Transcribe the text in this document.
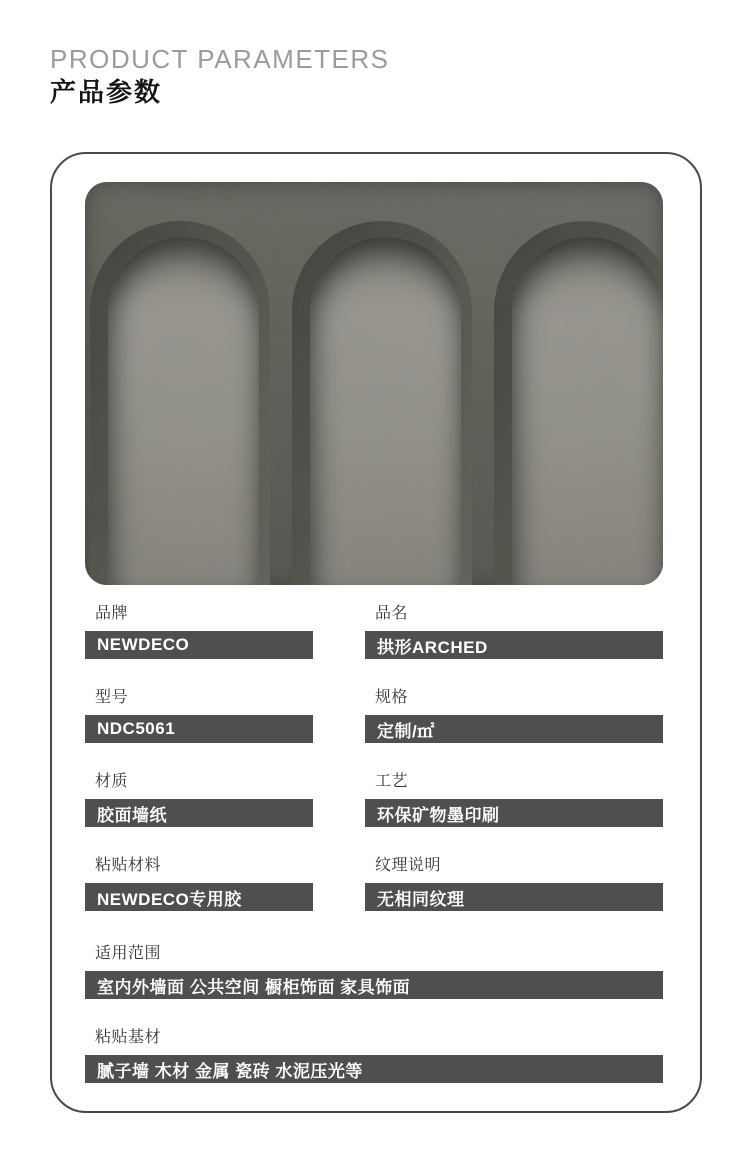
PRODUCT PARAMETERS
产品参数
品牌
NEWDECO
品名
拱形ARCHED
型号
NDC5061
规格
定制/㎡
材质
胶面墙纸
工艺
环保矿物墨印刷
粘贴材料
NEWDECO专用胶
纹理说明
无相同纹理
适用范围
室内外墙面 公共空间 橱柜饰面 家具饰面
粘贴基材
腻子墙 木材 金属 瓷砖 水泥压光等
